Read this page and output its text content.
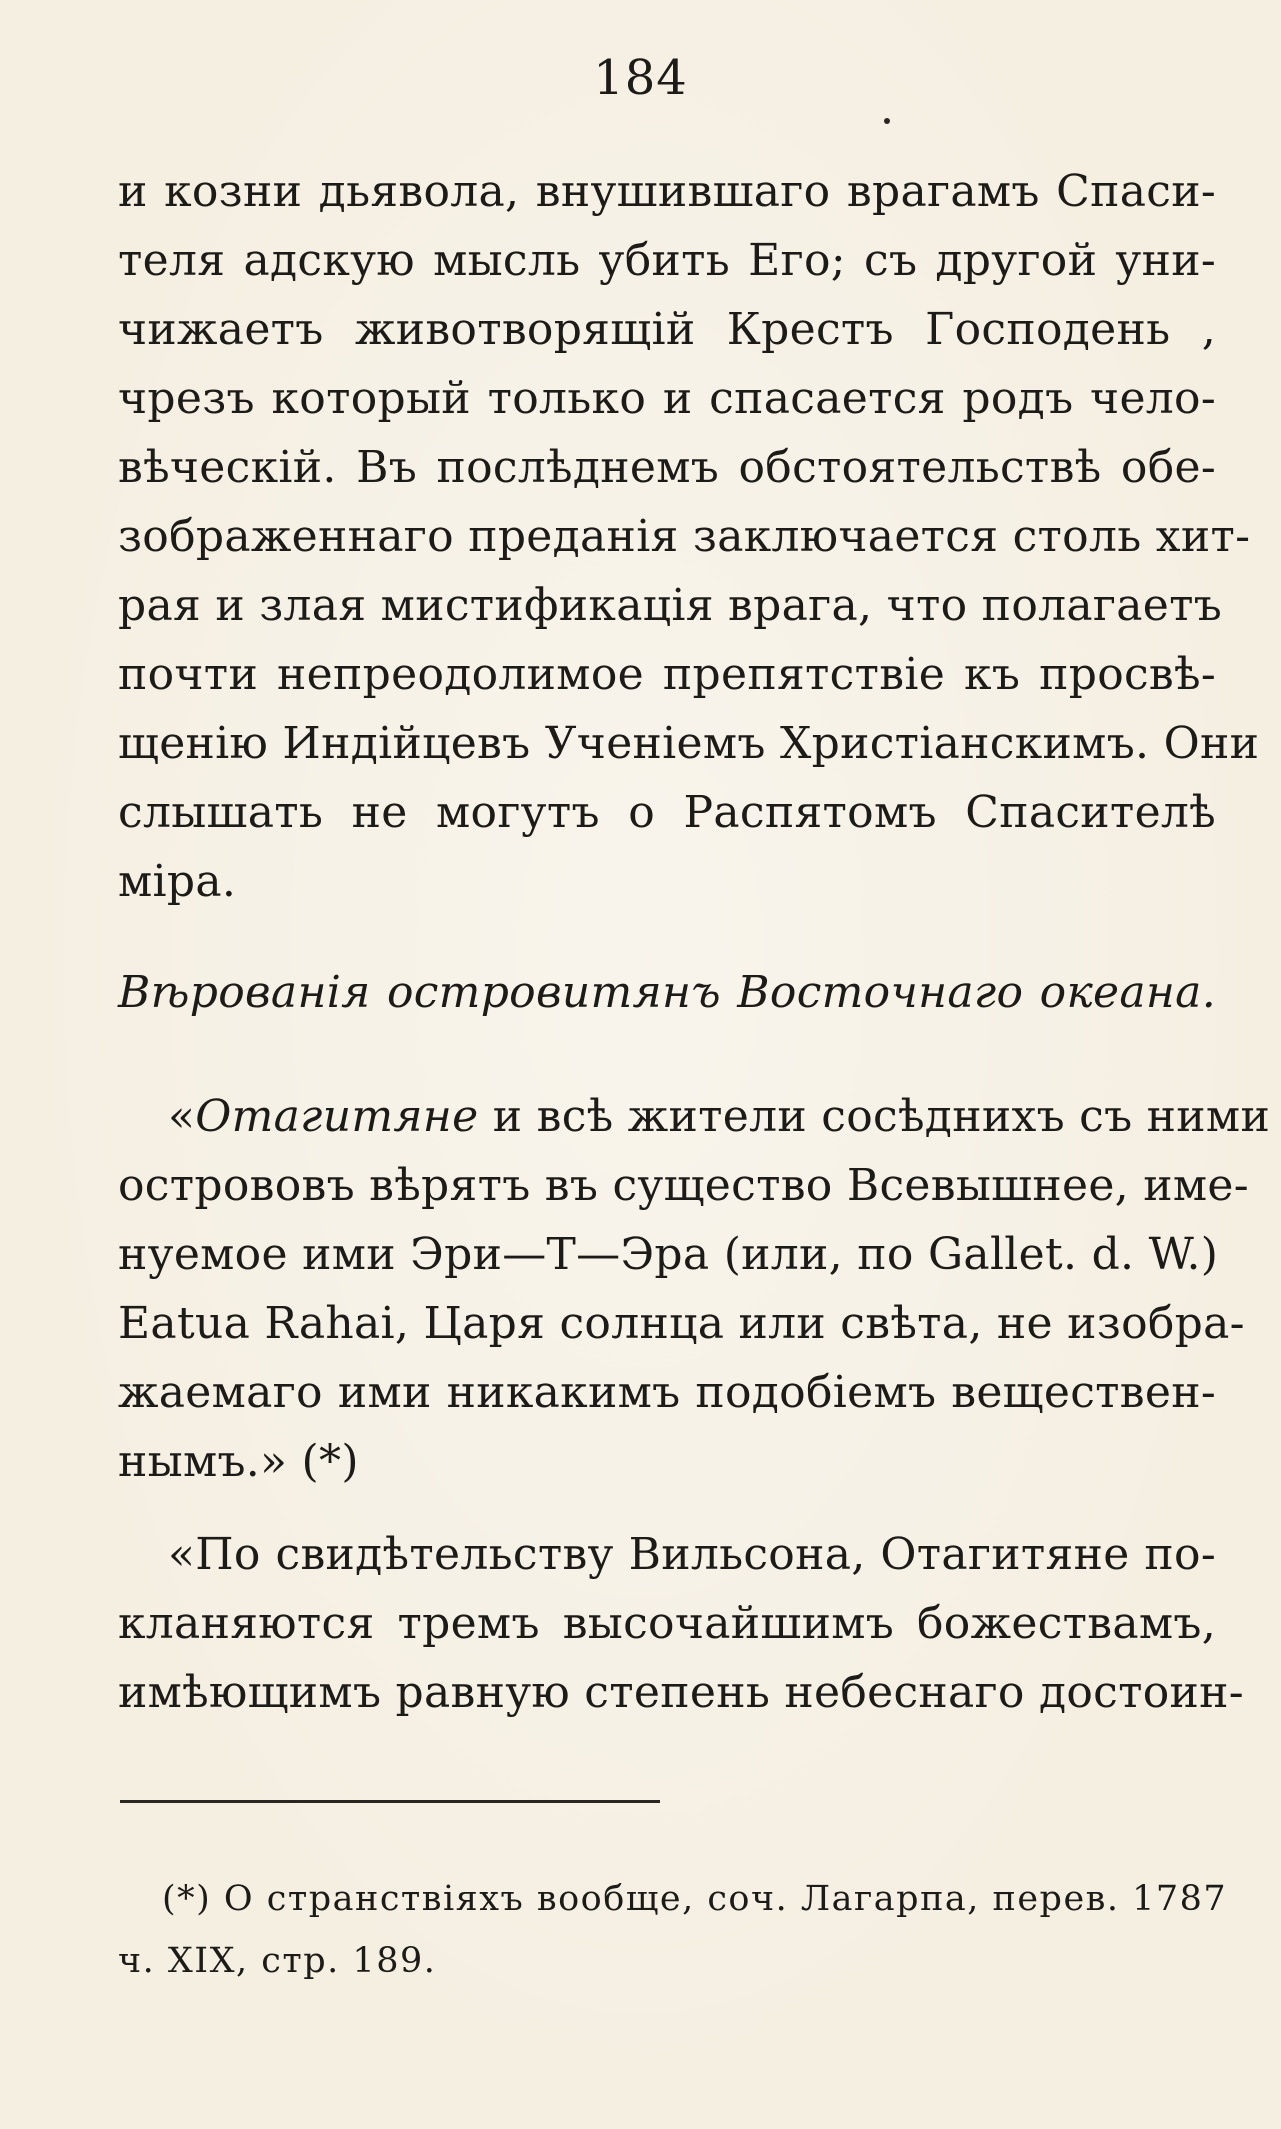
184
и козни дьявола, внушившаго врагамъ Спаси-
теля адскую мысль убить Его; съ другой уни-
чижаетъ животворящій Крестъ Господень ,
чрезъ который только и спасается родъ чело-
вѣческій. Въ послѣднемъ обстоятельствѣ обе-
зображеннаго преданія заключается столь хит-
рая и злая мистификація врага, что полагаетъ
почти непреодолимое препятствіе къ просвѣ-
щенію Индійцевъ Ученіемъ Христіанскимъ. Они
слышать не могутъ о Распятомъ Спасителѣ
міра.
Вѣрованія островитянъ Восточнаго океана.
«Отагитяне и всѣ жители сосѣднихъ съ ними
острововъ вѣрятъ въ существо Всевышнее, име-
нуемое ими Эри—Т—Эра (или, по Gallet. d. W.)
Eatua Rahai, Царя солнца или свѣта, не изобра-
жаемаго ими никакимъ подобіемъ веществен-
нымъ.» (*)
«По свидѣтельству Вильсона, Отагитяне по-
кланяются тремъ высочайшимъ божествамъ,
имѣющимъ равную степень небеснаго достоин-
(*) О странствіяхъ вообще, соч. Лагарпа, перев. 1787
ч. XIX, стр. 189.
